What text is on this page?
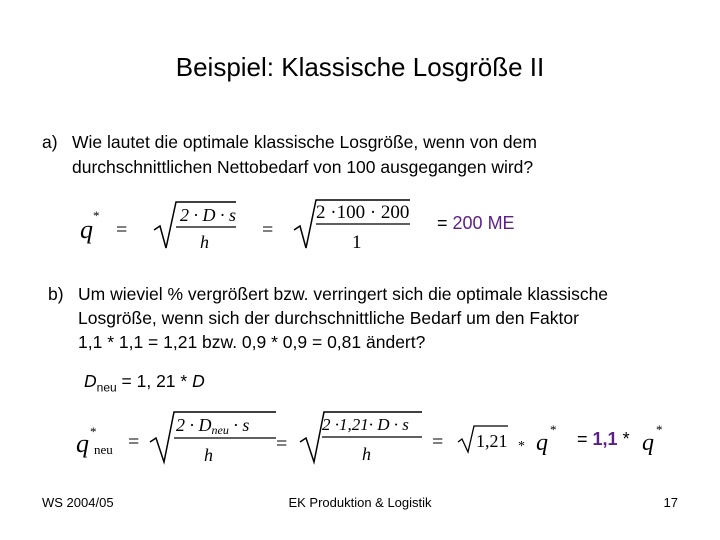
Beispiel: Klassische Losgröße II
a) Wie lautet die optimale klassische Losgröße, wenn von dem
durchschnittlichen Nettobedarf von 100 ausgegangen wird?
q *
=
2 · D · s
h
=
2 ·100 · 200
1
= 200 ME
b) Um wieviel % vergrößert bzw. verringert sich die optimale klassische
Losgröße, wenn sich der durchschnittliche Bedarf um den Faktor
1,1 * 1,1 = 1,21 bzw. 0,9 * 0,9 = 0,81 ändert?
$D_{neu} = 1$, 21 * D
q *
neu =
2 · Dneu · s
h	=
2 ·1,21· D · s
h
= 1,21 * q
*
q
*
= 1,1 *
WS 2004/05	EK Produktion & Logistik	17
